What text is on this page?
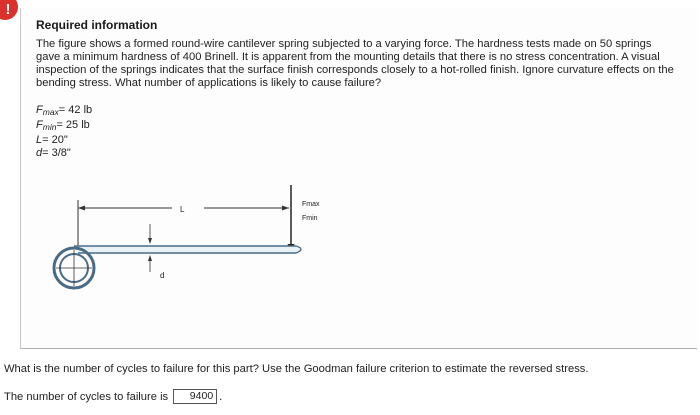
!
Required information
The figure shows a formed round-wire cantilever spring subjected to a varying force. The hardness tests made on 50 springs gave a minimum hardness of 400 Brinell. It is apparent from the mounting details that there is no stress concentration. A visual inspection of the springs indicates that the surface finish corresponds closely to a hot-rolled finish. Ignore curvature effects on the bending stress. What number of applications is likely to cause failure?
$F_{max}= 42$ lb
$F_{min}= 25$ lb
L= 20"
d= 3/8"
L
Fmax
Fmin
d
What is the number of cycles to failure for this part? Use the Goodman failure criterion to estimate the reversed stress.
The number of cycles to failure is	9400 .
